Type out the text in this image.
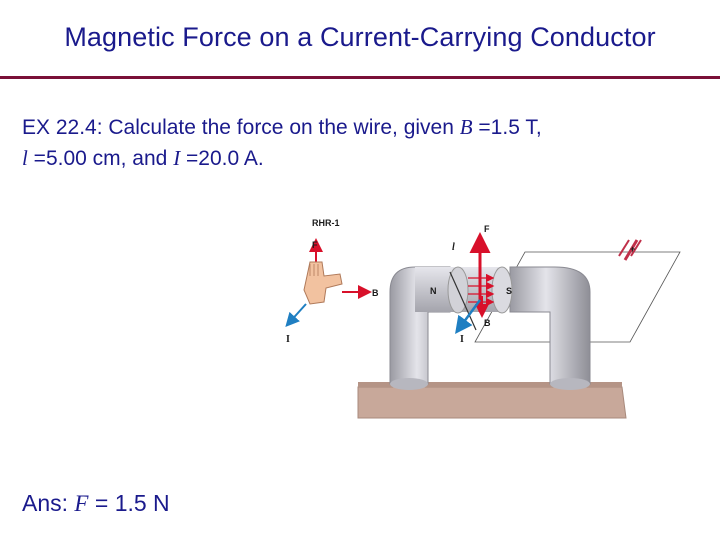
Magnetic Force on a Current-Carrying Conductor
EX 22.4: Calculate the force on the wire, given B =1.5 T,
l =5.00 cm, and I =20.0 A.
+
N	S
F
B
I
l
RHR-1
F
B
I
Ans: F = 1.5 N
